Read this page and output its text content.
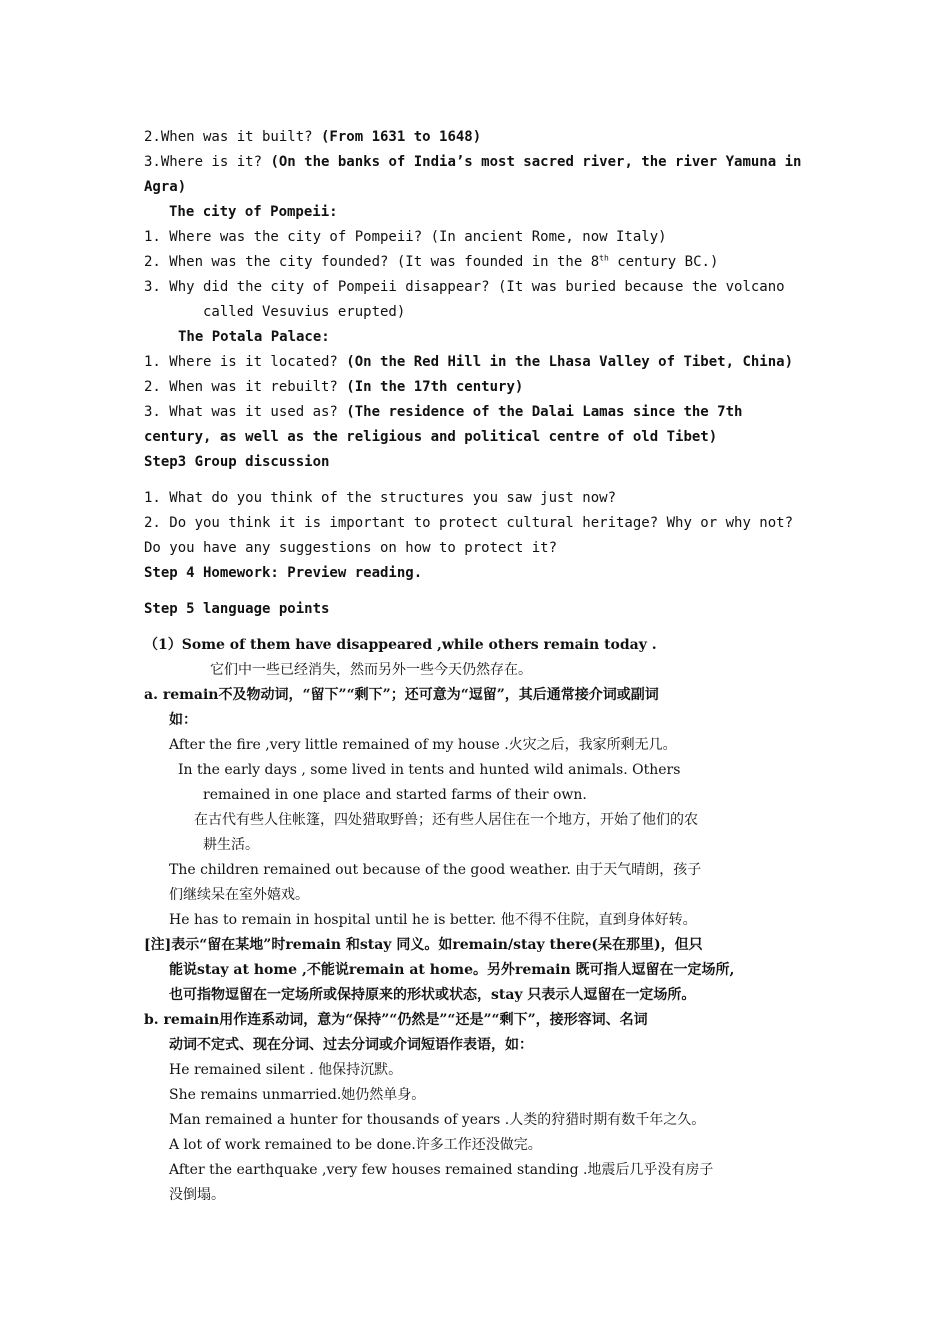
2.When was it built? (From 1631 to 1648)
3.Where is it? (On the banks of India’s most sacred river, the river Yamuna in
Agra)
The city of Pompeii:
1. Where was the city of Pompeii? (In ancient Rome, now Italy)
2. When was the city founded? (It was founded in the 8th century BC.)
3. Why did the city of Pompeii disappear? (It was buried because the volcano
called Vesuvius erupted)
The Potala Palace:
1. Where is it located? (On the Red Hill in the Lhasa Valley of Tibet, China)
2. When was it rebuilt? (In the 17th century)
3. What was it used as? (The residence of the Dalai Lamas since the 7th
century, as well as the religious and political centre of old Tibet)
Step3 Group discussion
1. What do you think of the structures you saw just now?
2. Do you think it is important to protect cultural heritage? Why or why not?
Do you have any suggestions on how to protect it?
Step 4 Homework: Preview reading.
Step 5 language points
（1）Some of them have disappeared ,while others remain today .
它们中一些已经消失，然而另外一些今天仍然存在。
a. remain不及物动词，“留下”“剩下”；还可意为“逗留”，其后通常接介词或副词
如：
After the fire ,very little remained of my house .火灾之后，我家所剩无几。
In the early days , some lived in tents and hunted wild animals. Others
remained in one place and started farms of their own.
在古代有些人住帐篷，四处猎取野兽；还有些人居住在一个地方，开始了他们的农
耕生活。
The children remained out because of the good weather. 由于天气晴朗，孩子
们继续呆在室外嬉戏。
He has to remain in hospital until he is better. 他不得不住院，直到身体好转。
[注]表示“留在某地”时remain 和stay 同义。如remain/stay there(呆在那里)，但只
能说stay at home ,不能说remain at home。另外remain 既可指人逗留在一定场所,
也可指物逗留在一定场所或保持原来的形状或状态，stay 只表示人逗留在一定场所。
b. remain用作连系动词，意为“保持”“仍然是”“还是”“剩下”，接形容词、名词
动词不定式、现在分词、过去分词或介词短语作表语，如：
He remained silent . 他保持沉默。
She remains unmarried.她仍然单身。
Man remained a hunter for thousands of years .人类的狩猎时期有数千年之久。
A lot of work remained to be done.许多工作还没做完。
After the earthquake ,very few houses remained standing .地震后几乎没有房子
没倒塌。
